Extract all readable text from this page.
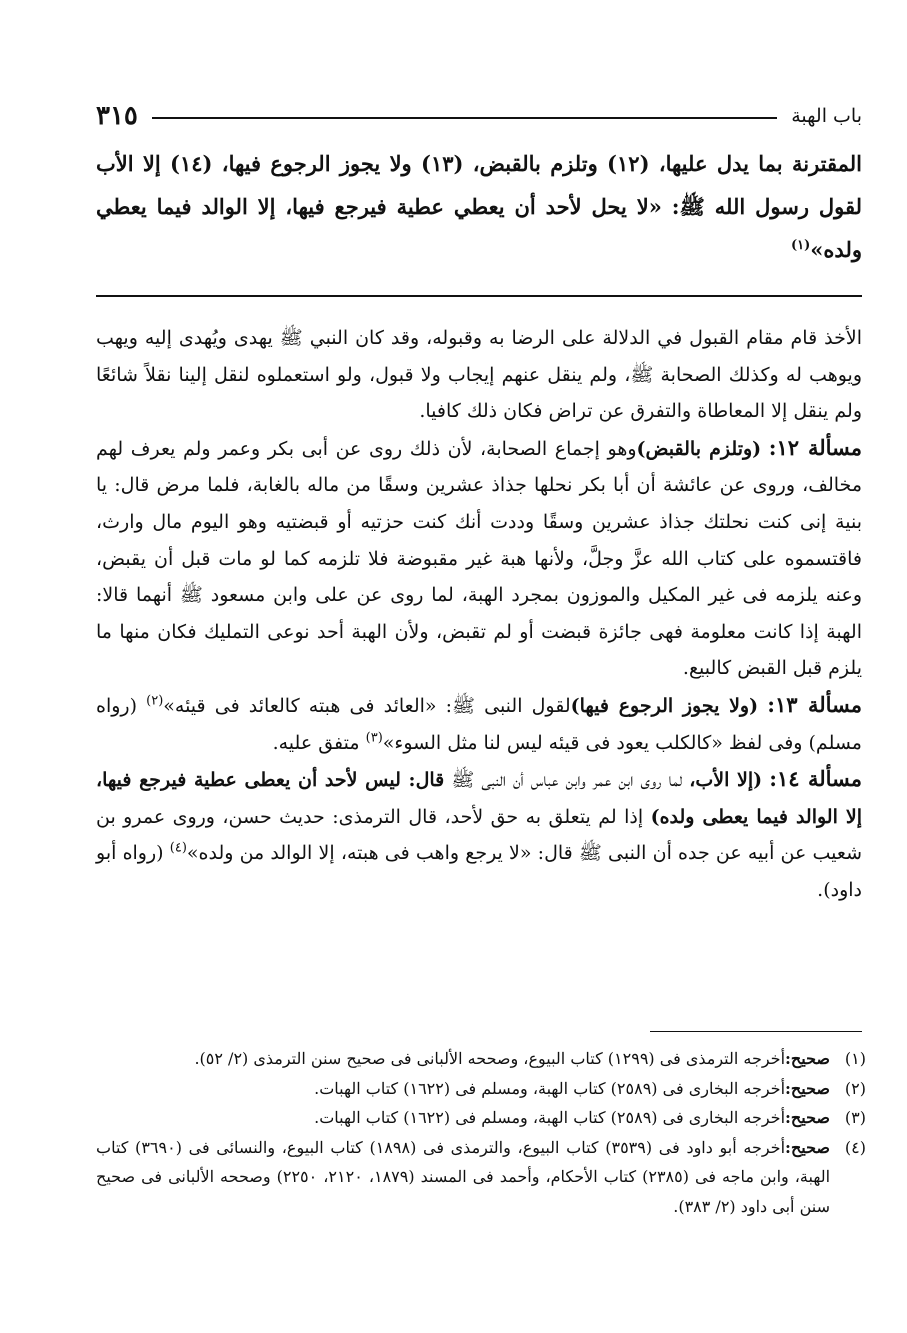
باب الهبة
٣١٥
المقترنة بما يدل عليها، (١٢) وتلزم بالقبض، (١٣) ولا يجوز الرجوع فيها، (١٤) إلا الأب لقول رسول الله ﷺ: «لا يحل لأحد أن يعطي عطية فيرجع فيها، إلا الوالد فيما يعطي ولده»$^{(١)}$

الأخذ قام مقام القبول في الدلالة على الرضا به وقبوله، وقد كان النبي ﷺ يهدى ويُهدى إليه ويهب ويوهب له وكذلك الصحابة ﷺ، ولم ينقل عنهم إيجاب ولا قبول، ولو استعملوه لنقل إلينا نقلاً شائعًا ولم ينقل إلا المعاطاة والتفرق عن تراض فكان ذلك كافيا.

مسألة ١٢: (وتلزم بالقبض)وهو إجماع الصحابة، لأن ذلك روى عن أبى بكر وعمر ولم يعرف لهم مخالف، وروى عن عائشة أن أبا بكر نحلها جذاذ عشرين وسقًا من ماله بالغابة، فلما مرض قال: يا بنية إنى كنت نحلتك جذاذ عشرين وسقًا وددت أنك كنت حزتيه أو قبضتيه وهو اليوم مال وارث، فاقتسموه على كتاب الله عزَّ وجلَّ، ولأنها هبة غير مقبوضة فلا تلزمه كما لو مات قبل أن يقبض، وعنه يلزمه فى غير المكيل والموزون بمجرد الهبة، لما روى عن على وابن مسعود ﷺ أنهما قالا: الهبة إذا كانت معلومة فهى جائزة قبضت أو لم تقبض، ولأن الهبة أحد نوعى التمليك فكان منها ما يلزم قبل القبض كالبيع.

مسألة ١٣: (ولا يجوز الرجوع فيها)لقول النبى ﷺ: «العائد فى هبته كالعائد فى قيئه»$^{(٢)}$ (رواه مسلم) وفى لفظ «كالكلب يعود فى قيئه ليس لنا مثل السوء»$^{(٣)}$ متفق عليه.

مسألة ١٤: (إلا الأب، لما روى ابن عمر وابن عباس أن النبى ﷺ قال: ليس لأحد أن يعطى عطية فيرجع فيها، إلا الوالد فيما يعطى ولده) إذا لم يتعلق به حق لأحد، قال الترمذى: حديث حسن، وروى عمرو بن شعيب عن أبيه عن جده أن النبى ﷺ قال: «لا يرجع واهب فى هبته، إلا الوالد من ولده»$^{(٤)}$ (رواه أبو داود).

(١)
صحيح:أخرجه الترمذى فى (١٢٩٩) كتاب البيوع، وصححه الألبانى فى صحيح سنن الترمذى (٢/ ٥٢).
(٢)
صحيح:أخرجه البخارى فى (٢٥٨٩) كتاب الهبة، ومسلم فى (١٦٢٢) كتاب الهبات.
(٣)
صحيح:أخرجه البخارى فى (٢٥٨٩) كتاب الهبة، ومسلم فى (١٦٢٢) كتاب الهبات.
(٤)
صحيح:أخرجه أبو داود فى (٣٥٣٩) كتاب البيوع، والترمذى فى (١٨٩٨) كتاب البيوع، والنسائى فى (٣٦٩٠) كتاب الهبة، وابن ماجه فى (٢٣٨٥) كتاب الأحكام، وأحمد فى المسند (١٨٧٩، ٢١٢٠، ٢٢٥٠) وصححه الألبانى فى صحيح سنن أبى داود (٢/ ٣٨٣).
